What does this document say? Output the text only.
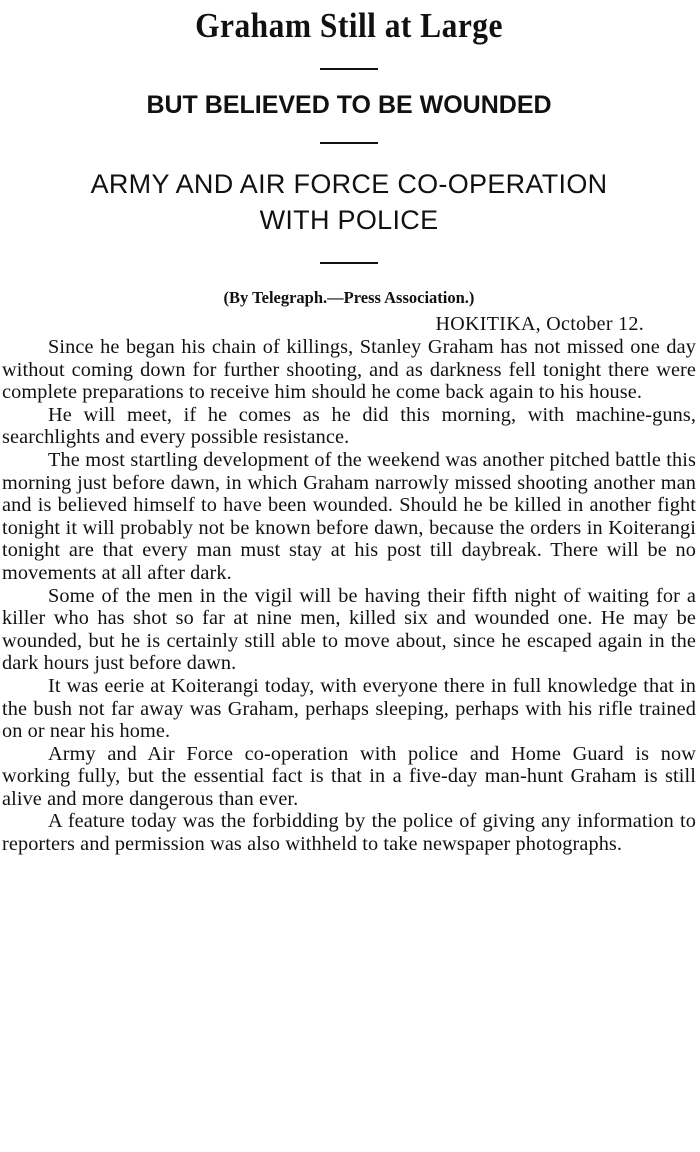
Graham Still at Large
BUT BELIEVED TO BE WOUNDED
ARMY AND AIR FORCE CO-OPERATION
WITH POLICE
(By Telegraph.—Press Association.)
HOKITIKA, October 12.

Since he began his chain of killings, Stanley Graham has not missed one day without coming down for further shooting, and as darkness fell tonight there were complete preparations to receive him should he come back again to his house.

He will meet, if he comes as he did this morning, with machine-guns, searchlights and every possible resistance.

The most startling development of the weekend was another pitched battle this morning just before dawn, in which Graham narrowly missed shooting another man and is believed himself to have been wounded. Should he be killed in another fight tonight it will probably not be known before dawn, because the orders in Koiterangi tonight are that every man must stay at his post till daybreak. There will be no movements at all after dark.

Some of the men in the vigil will be having their fifth night of waiting for a killer who has shot so far at nine men, killed six and wounded one. He may be wounded, but he is certainly still able to move about, since he escaped again in the dark hours just before dawn.

It was eerie at Koiterangi today, with everyone there in full knowledge that in the bush not far away was Graham, perhaps sleeping, perhaps with his rifle trained on or near his home.

Army and Air Force co-operation with police and Home Guard is now working fully, but the essential fact is that in a five-day man-hunt Graham is still alive and more dangerous than ever.

A feature today was the forbidding by the police of giving any information to reporters and permission was also withheld to take newspaper photographs.
